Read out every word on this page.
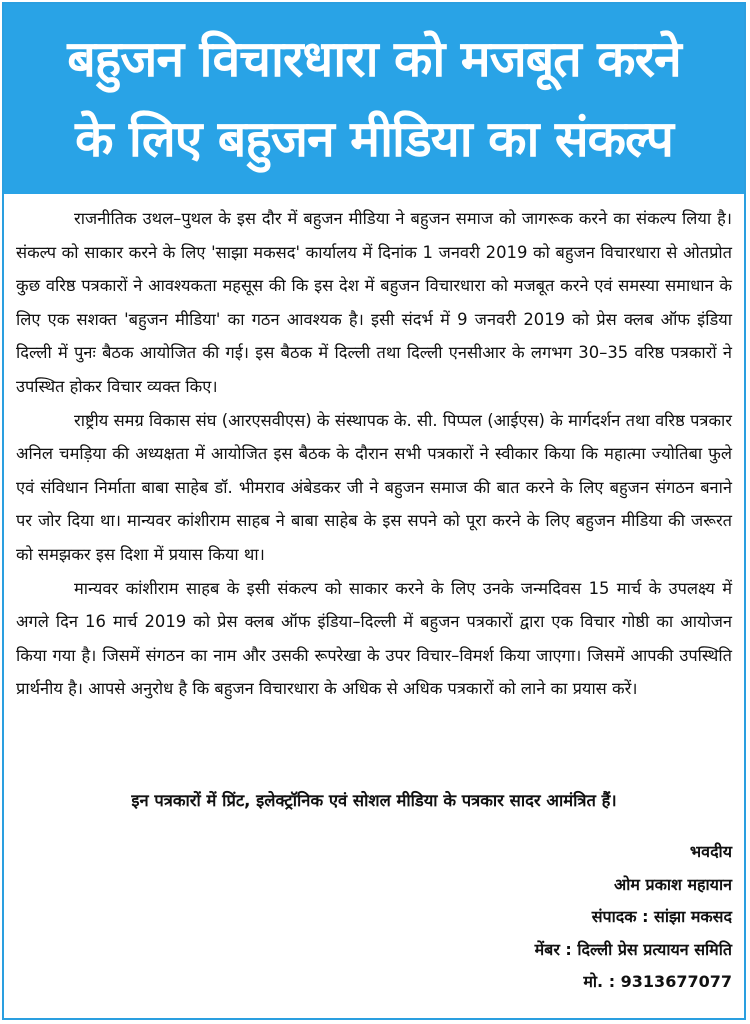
बहुजन विचारधारा को मजबूत करने
के लिए बहुजन मीडिया का संकल्प

राजनीतिक उथल–पुथल के इस दौर में बहुजन मीडिया ने बहुजन समाज को जागरूक करने का संकल्प लिया है। संकल्प को साकार करने के लिए 'साझा मकसद' कार्यालय में दिनांक 1 जनवरी 2019 को बहुजन विचारधारा से ओतप्रोत कुछ वरिष्ठ पत्रकारों ने आवश्यकता महसूस की कि इस देश में बहुजन विचारधारा को मजबूत करने एवं समस्या समाधान के लिए एक सशक्त 'बहुजन मीडिया' का गठन आवश्यक है। इसी संदर्भ में 9 जनवरी 2019 को प्रेस क्लब ऑफ इंडिया दिल्ली में पुनः बैठक आयोजित की गई। इस बैठक में दिल्ली तथा दिल्ली एनसीआर के लगभग 30–35 वरिष्ठ पत्रकारों ने उपस्थित होकर विचार व्यक्त किए।

राष्ट्रीय समग्र विकास संघ (आरएसवीएस) के संस्थापक के. सी. पिप्पल (आईएस) के मार्गदर्शन तथा वरिष्ठ पत्रकार अनिल चमड़िया की अध्यक्षता में आयोजित इस बैठक के दौरान सभी पत्रकारों ने स्वीकार किया कि महात्मा ज्योतिबा फुले एवं संविधान निर्माता बाबा साहेब डॉ. भीमराव अंबेडकर जी ने बहुजन समाज की बात करने के लिए बहुजन संगठन बनाने पर जोर दिया था। मान्यवर कांशीराम साहब ने बाबा साहेब के इस सपने को पूरा करने के लिए बहुजन मीडिया की जरूरत को समझकर इस दिशा में प्रयास किया था।

मान्यवर कांशीराम साहब के इसी संकल्प को साकार करने के लिए उनके जन्मदिवस 15 मार्च के उपलक्ष्य में अगले दिन 16 मार्च 2019 को प्रेस क्लब ऑफ इंडिया–दिल्ली में बहुजन पत्रकारों द्वारा एक विचार गोष्ठी का आयोजन किया गया है। जिसमें संगठन का नाम और उसकी रूपरेखा के उपर विचार–विमर्श किया जाएगा। जिसमें आपकी उपस्थिति प्रार्थनीय है। आपसे अनुरोध है कि बहुजन विचारधारा के अधिक से अधिक पत्रकारों को लाने का प्रयास करें।

इन पत्रकारों में प्रिंट, इलेक्ट्रॉनिक एवं सोशल मीडिया के पत्रकार सादर आमंत्रित हैं।
भवदीय
ओम प्रकाश महायान
संपादक : सांझा मकसद
मेंबर : दिल्ली प्रेस प्रत्यायन समिति
मो. : 9313677077
